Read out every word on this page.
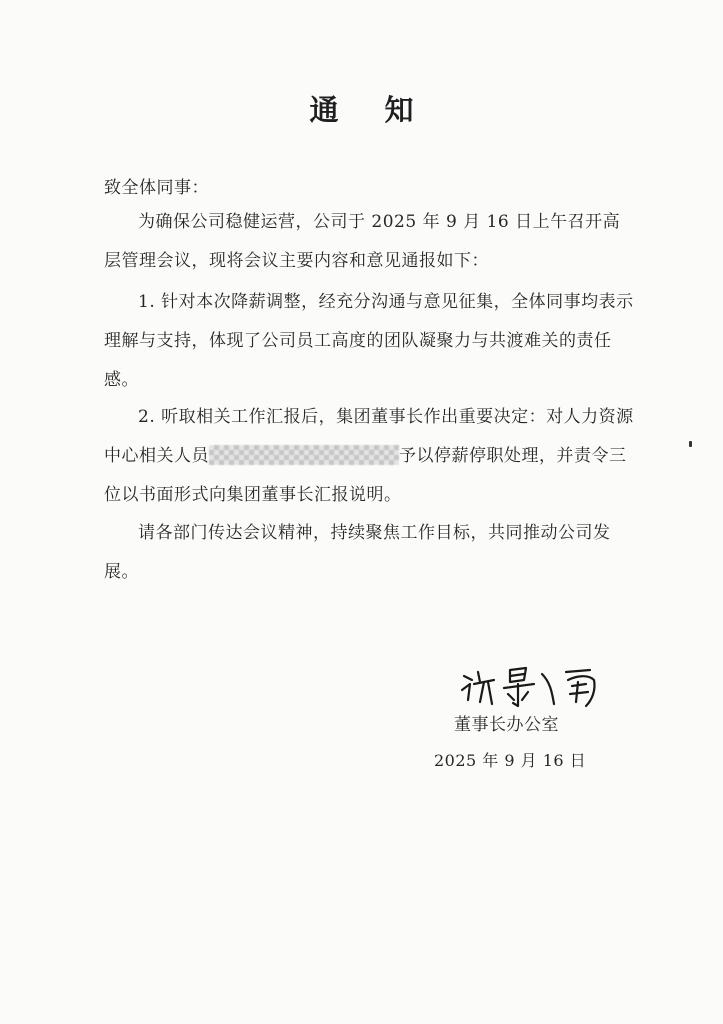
通 知
致全体同事：
为确保公司稳健运营，公司于 2025 年 9 月 16 日上午召开高层管理会议，现将会议主要内容和意见通报如下：
1. 针对本次降薪调整，经充分沟通与意见征集，全体同事均表示理解与支持，体现了公司员工高度的团队凝聚力与共渡难关的责任感。
2. 听取相关工作汇报后，集团董事长作出重要决定：对人力资源中心相关人员	予以停薪停职处理，并责令三位以书面形式向集团董事长汇报说明。
请各部门传达会议精神，持续聚焦工作目标，共同推动公司发展。
董事长办公室
2025 年 9 月 16 日
